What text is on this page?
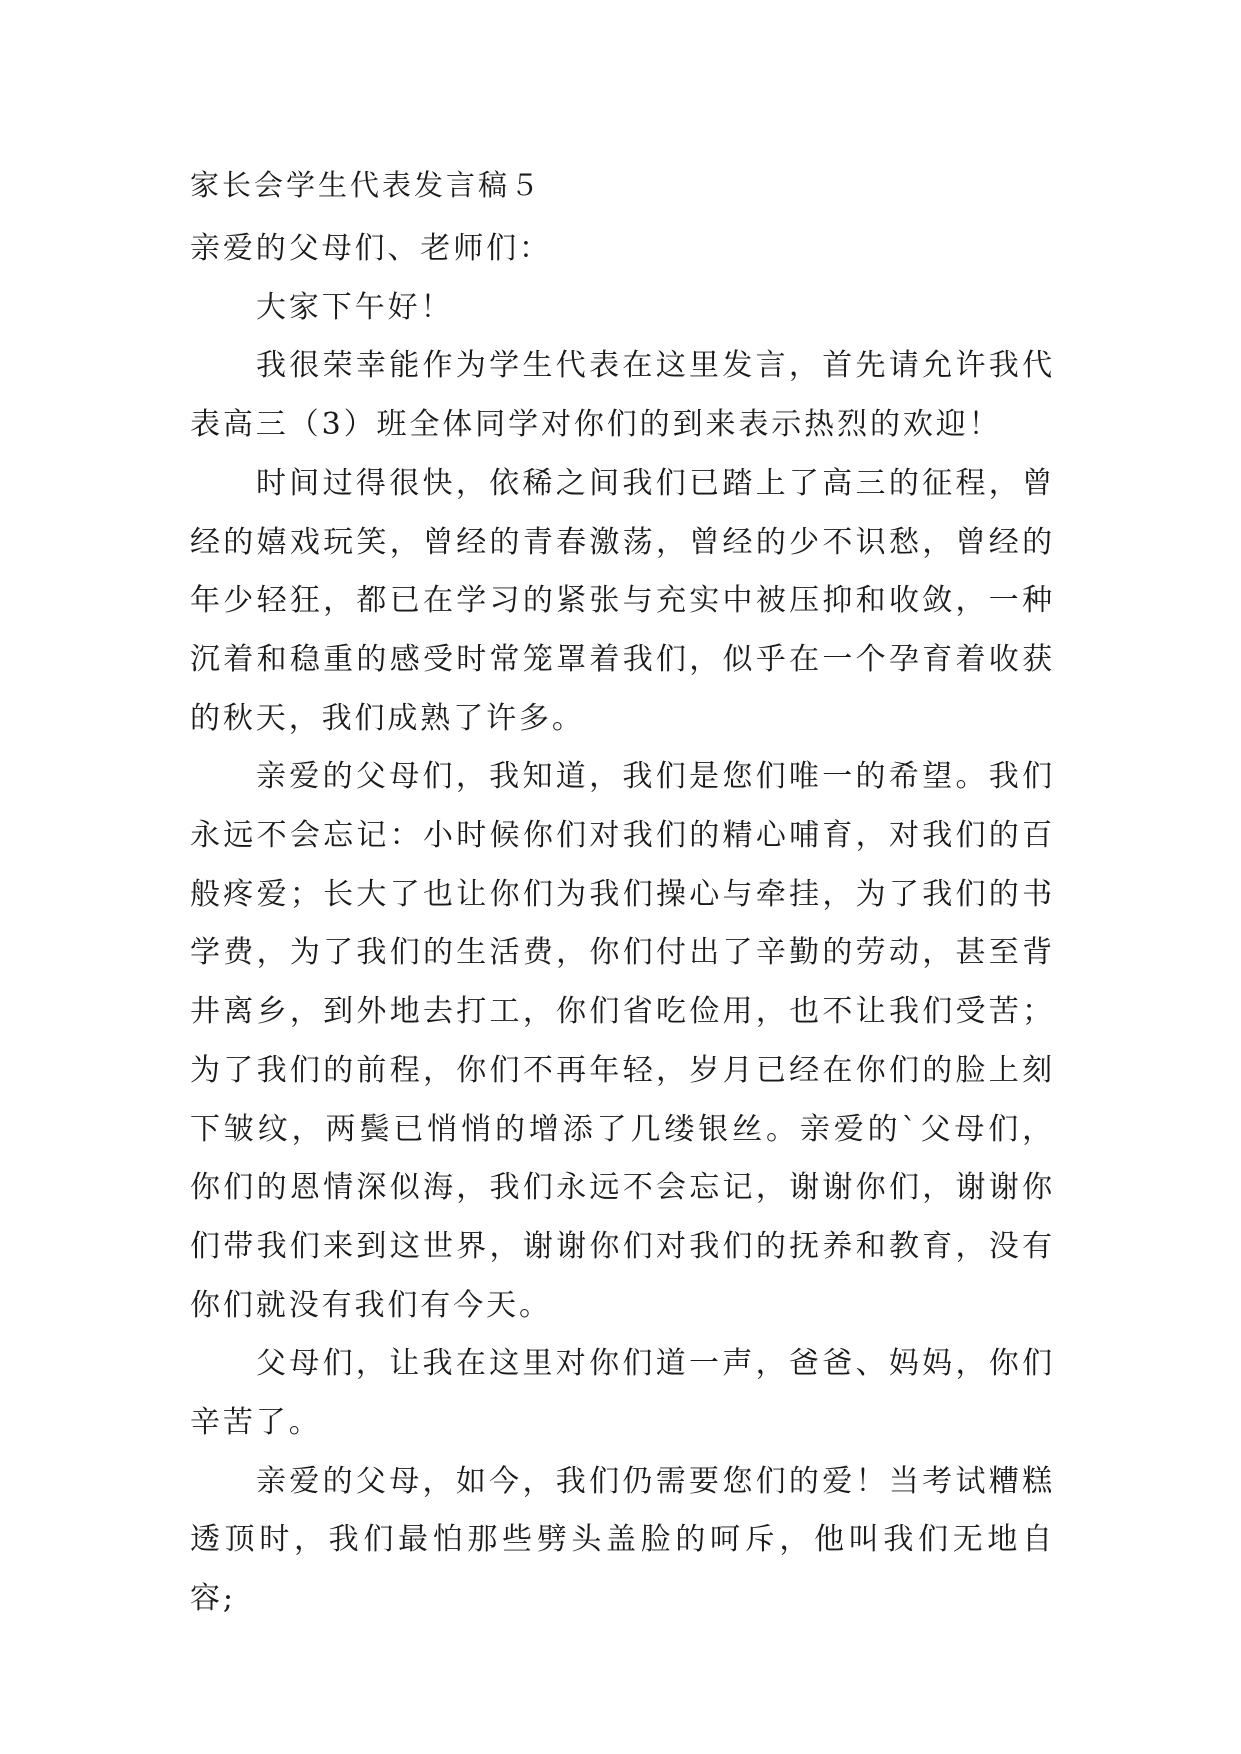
家长会学生代表发言稿５

亲爱的父母们、老师们：

大家下午好！

我很荣幸能作为学生代表在这里发言，首先请允许我代表高三（3）班全体同学对你们的到来表示热烈的欢迎！

时间过得很快，依稀之间我们已踏上了高三的征程，曾经的嬉戏玩笑，曾经的青春激荡，曾经的少不识愁，曾经的年少轻狂，都已在学习的紧张与充实中被压抑和收敛，一种沉着和稳重的感受时常笼罩着我们，似乎在一个孕育着收获的秋天，我们成熟了许多。

亲爱的父母们，我知道，我们是您们唯一的希望。我们永远不会忘记：小时候你们对我们的精心哺育，对我们的百般疼爱；长大了也让你们为我们操心与牵挂，为了我们的书学费，为了我们的生活费，你们付出了辛勤的劳动，甚至背井离乡，到外地去打工，你们省吃俭用，也不让我们受苦；为了我们的前程，你们不再年轻，岁月已经在你们的脸上刻下皱纹，两鬓已悄悄的增添了几缕银丝。亲爱的`父母们，你们的恩情深似海，我们永远不会忘记，谢谢你们，谢谢你们带我们来到这世界，谢谢你们对我们的抚养和教育，没有你们就没有我们有今天。

父母们，让我在这里对你们道一声，爸爸、妈妈，你们辛苦了。

亲爱的父母，如今，我们仍需要您们的爱！当考试糟糕透顶时，我们最怕那些劈头盖脸的呵斥，他叫我们无地自容;
